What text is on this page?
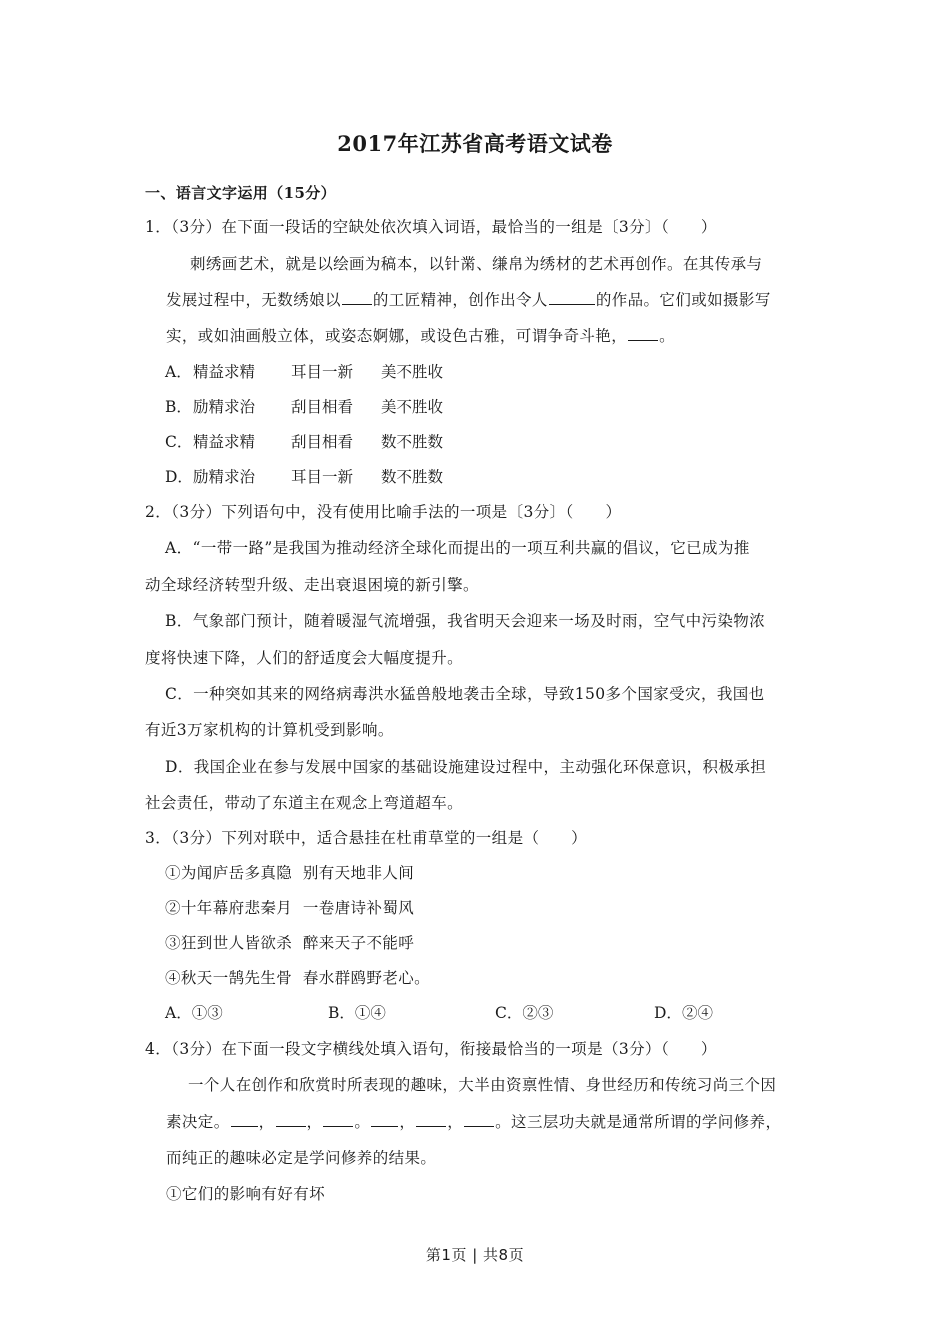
2017年江苏省高考语文试卷
一、语言文字运用（15分）
1．（3分）在下面一段话的空缺处依次填入词语，最恰当的一组是〔3分〕（　　）
刺绣画艺术，就是以绘画为稿本，以针黹、缣帛为绣材的艺术再创作。在其传承与
发展过程中，无数绣娘以 的工匠精神，创作出令人	的作品。它们或如摄影写
实，或如油画般立体，或姿态婀娜，或设色古雅，可谓争奇斗艳， 。
A．精益求精 耳目一新 美不胜收
B．励精求治 刮目相看 美不胜收
C．精益求精 刮目相看 数不胜数
D．励精求治 耳目一新 数不胜数
2．（3分）下列语句中，没有使用比喻手法的一项是〔3分〕（　　）
A．“一带一路”是我国为推动经济全球化而提出的一项互利共赢的倡议，它已成为推
动全球经济转型升级、走出衰退困境的新引擎。
B．气象部门预计，随着暖湿气流增强，我省明天会迎来一场及时雨，空气中污染物浓
度将快速下降，人们的舒适度会大幅度提升。
C．一种突如其来的网络病毒洪水猛兽般地袭击全球，导致150多个国家受灾，我国也
有近3万家机构的计算机受到影响。
D．我国企业在参与发展中国家的基础设施建设过程中，主动强化环保意识，积极承担
社会责任，带动了东道主在观念上弯道超车。
3．（3分）下列对联中，适合悬挂在杜甫草堂的一组是（　　）
①为闻庐岳多真隐  别有天地非人间
②十年幕府悲秦月  一卷唐诗补蜀风
③狂到世人皆欲杀  醉来天子不能呼
④秋天一鹄先生骨  春水群鸥野老心。
A．①③	B．①④	C．②③	D．②④
4．（3分）在下面一段文字横线处填入语句，衔接最恰当的一项是（3分）（　　）
一个人在创作和欣赏时所表现的趣味，大半由资禀性情、身世经历和传统习尚三个因
素决定。 ， ， 。 ， ， 。这三层功夫就是通常所谓的学问修养，
而纯正的趣味必定是学问修养的结果。
①它们的影响有好有坏
第1页 | 共8页
